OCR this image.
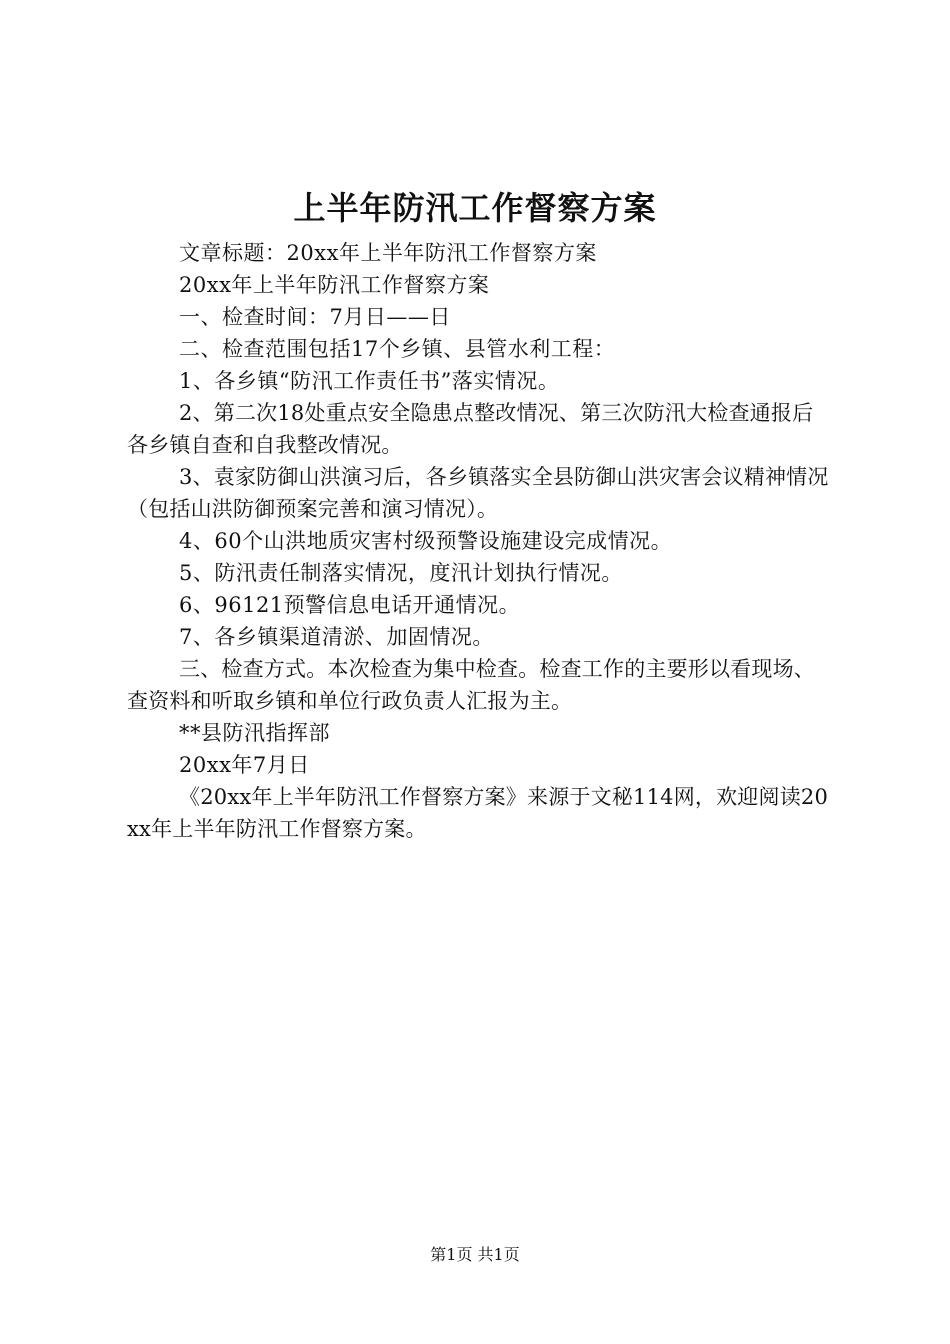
上半年防汛工作督察方案

文章标题：20xx年上半年防汛工作督察方案

20xx年上半年防汛工作督察方案

一、检查时间：7月日——日

二、检查范围包括17个乡镇、县管水利工程：

1、各乡镇“防汛工作责任书”落实情况。

2、第二次18处重点安全隐患点整改情况、第三次防汛大检查通报后各乡镇自查和自我整改情况。

3、袁家防御山洪演习后，各乡镇落实全县防御山洪灾害会议精神情况（包括山洪防御预案完善和演习情况）。

4、60个山洪地质灾害村级预警设施建设完成情况。

5、防汛责任制落实情况，度汛计划执行情况。

6、96121预警信息电话开通情况。

7、各乡镇渠道清淤、加固情况。

三、检查方式。本次检查为集中检查。检查工作的主要形以看现场、查资料和听取乡镇和单位行政负责人汇报为主。

**县防汛指挥部

20xx年7月日

《20xx年上半年防汛工作督察方案》来源于文秘114网，欢迎阅读20xx年上半年防汛工作督察方案。

第1页 共1页
